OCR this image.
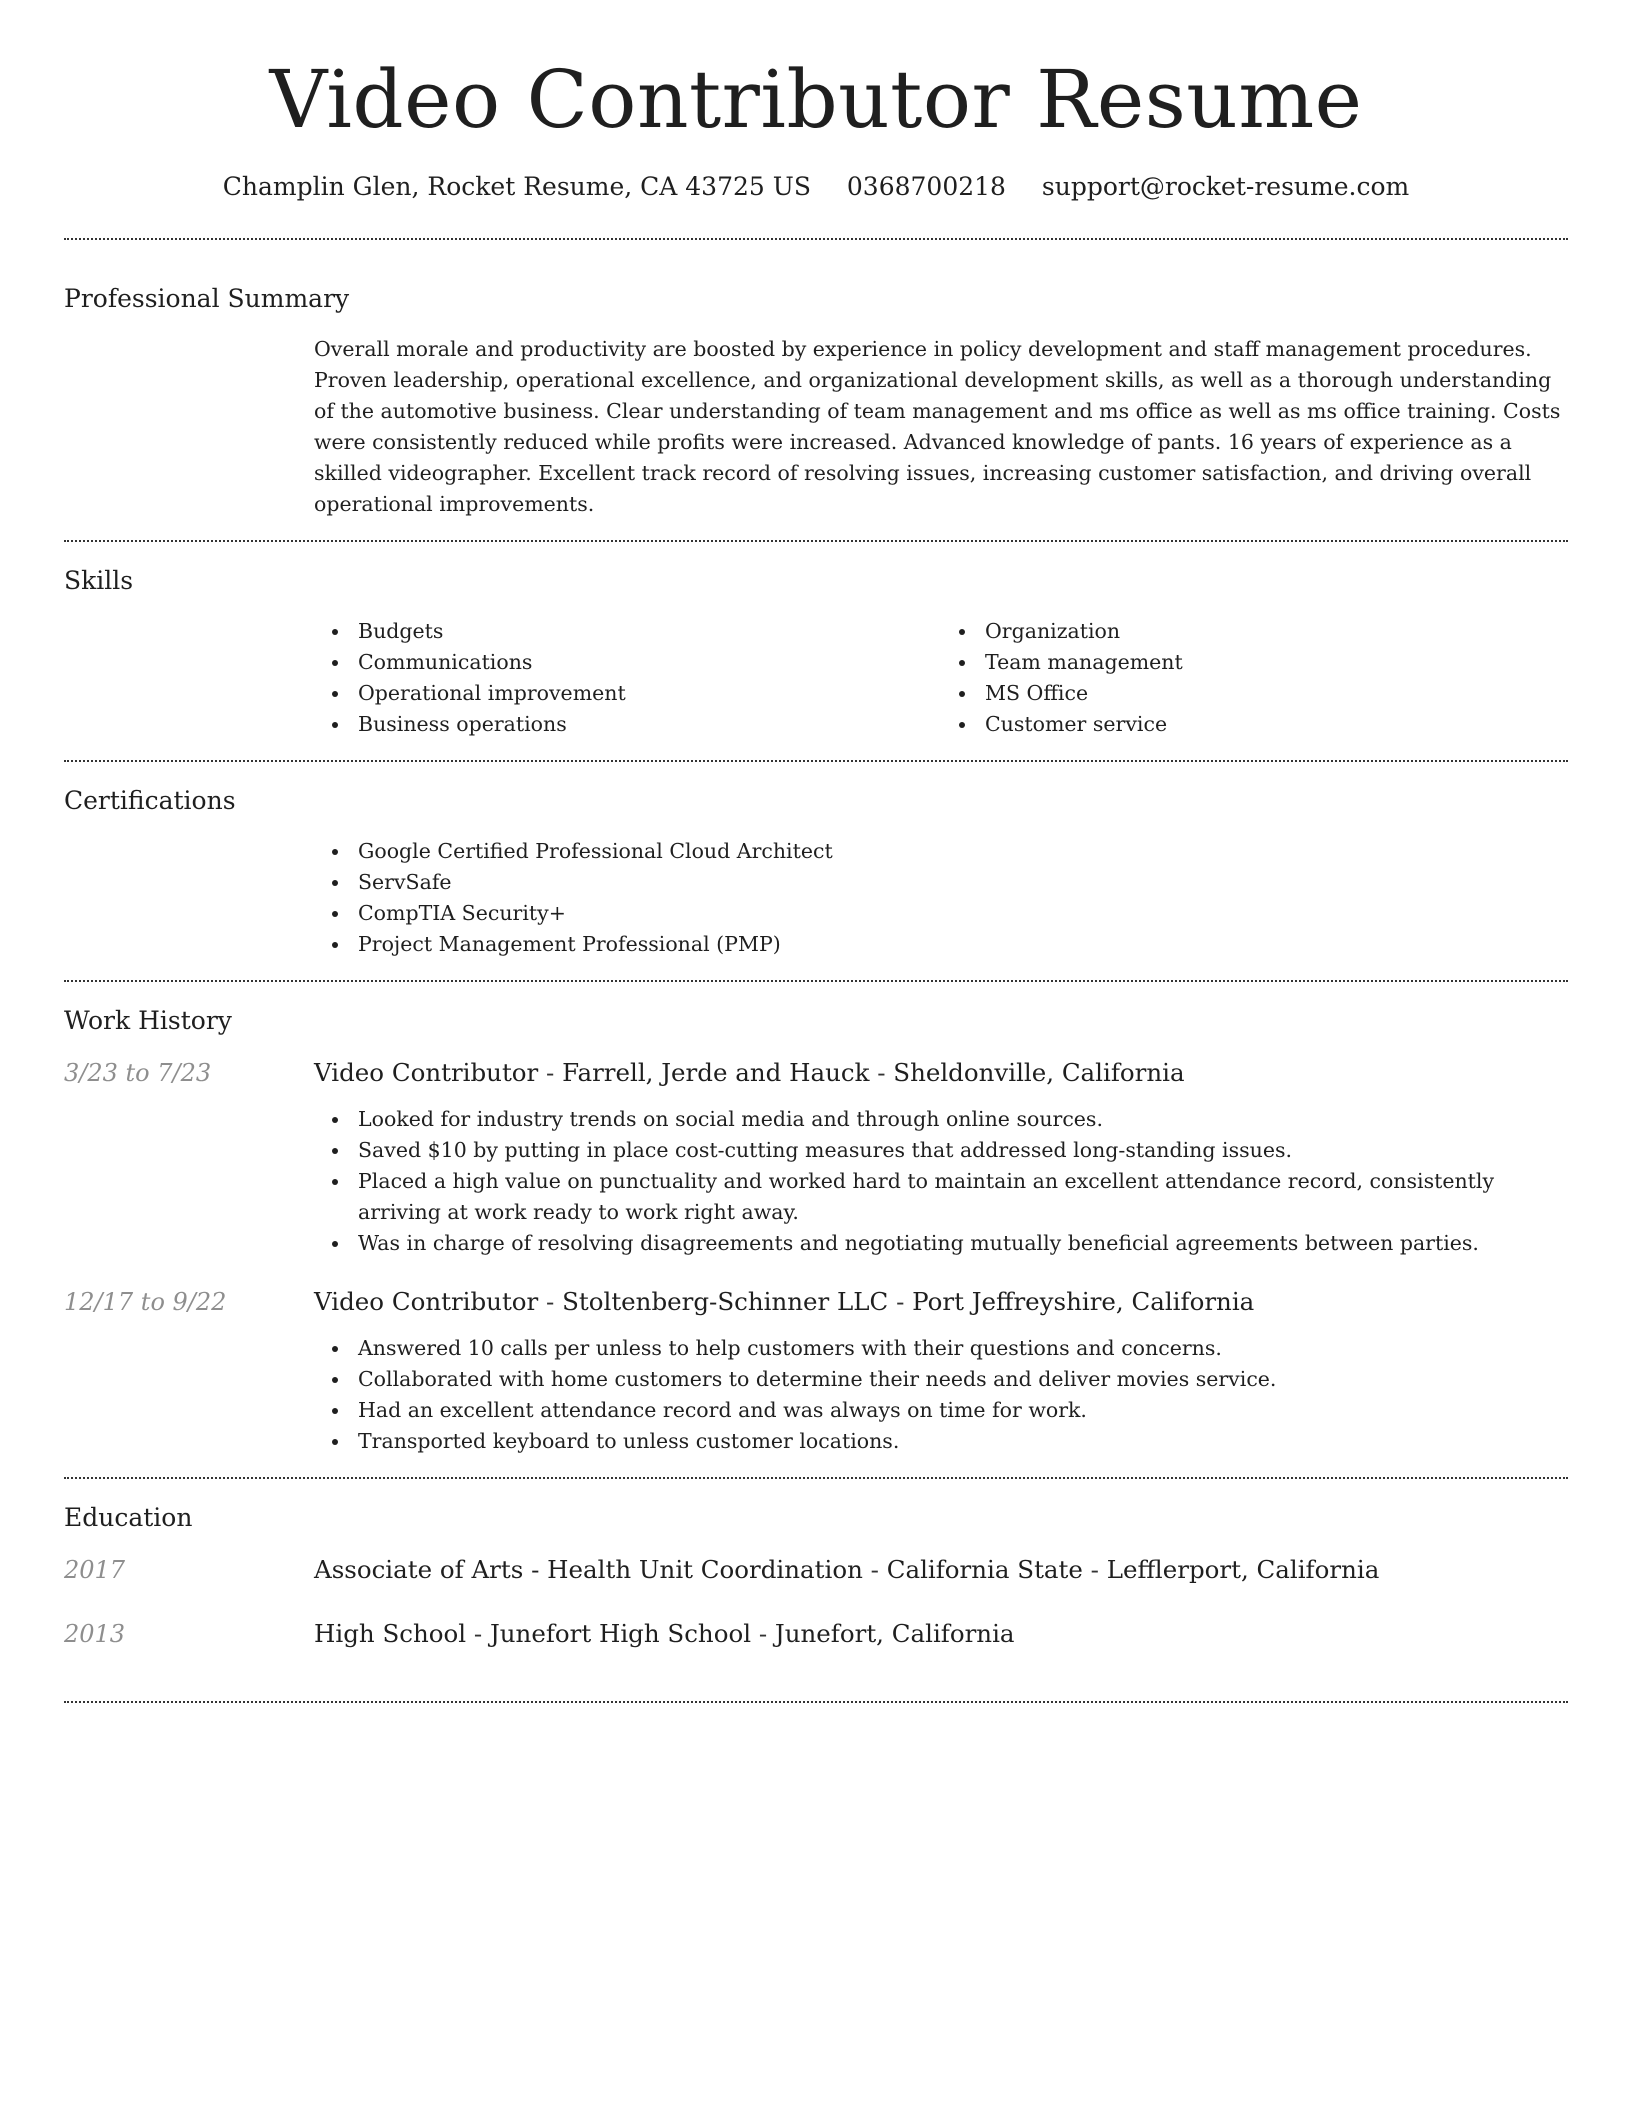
Video Contributor Resume
Champlin Glen, Rocket Resume, CA 43725 US 0368700218 support@rocket-resume.com
Professional Summary

Overall morale and productivity are boosted by experience in policy development and staff management procedures. Proven leadership, operational excellence, and organizational development skills, as well as a thorough understanding of the automotive business. Clear understanding of team management and ms office as well as ms office training. Costs were consistently reduced while profits were increased. Advanced knowledge of pants. 16 years of experience as a skilled videographer. Excellent track record of resolving issues, increasing customer satisfaction, and driving overall operational improvements.

Skills
Budgets
Communications
Operational improvement
Business operations
Organization
Team management
MS Office
Customer service
Certifications
Google Certified Professional Cloud Architect
ServSafe
CompTIA Security+
Project Management Professional (PMP)
Work History
3/23 to 7/23	Video Contributor - Farrell, Jerde and Hauck - Sheldonville, California
Looked for industry trends on social media and through online sources.
Saved $10 by putting in place cost-cutting measures that addressed long-standing issues.
Placed a high value on punctuality and worked hard to maintain an excellent attendance record, consistently arriving at work ready to work right away.
Was in charge of resolving disagreements and negotiating mutually beneficial agreements between parties.
12/17 to 9/22	Video Contributor - Stoltenberg-Schinner LLC - Port Jeffreyshire, California
Answered 10 calls per unless to help customers with their questions and concerns.
Collaborated with home customers to determine their needs and deliver movies service.
Had an excellent attendance record and was always on time for work.
Transported keyboard to unless customer locations.
Education
2017	Associate of Arts - Health Unit Coordination - California State - Lefflerport, California
2013	High School - Junefort High School - Junefort, California
